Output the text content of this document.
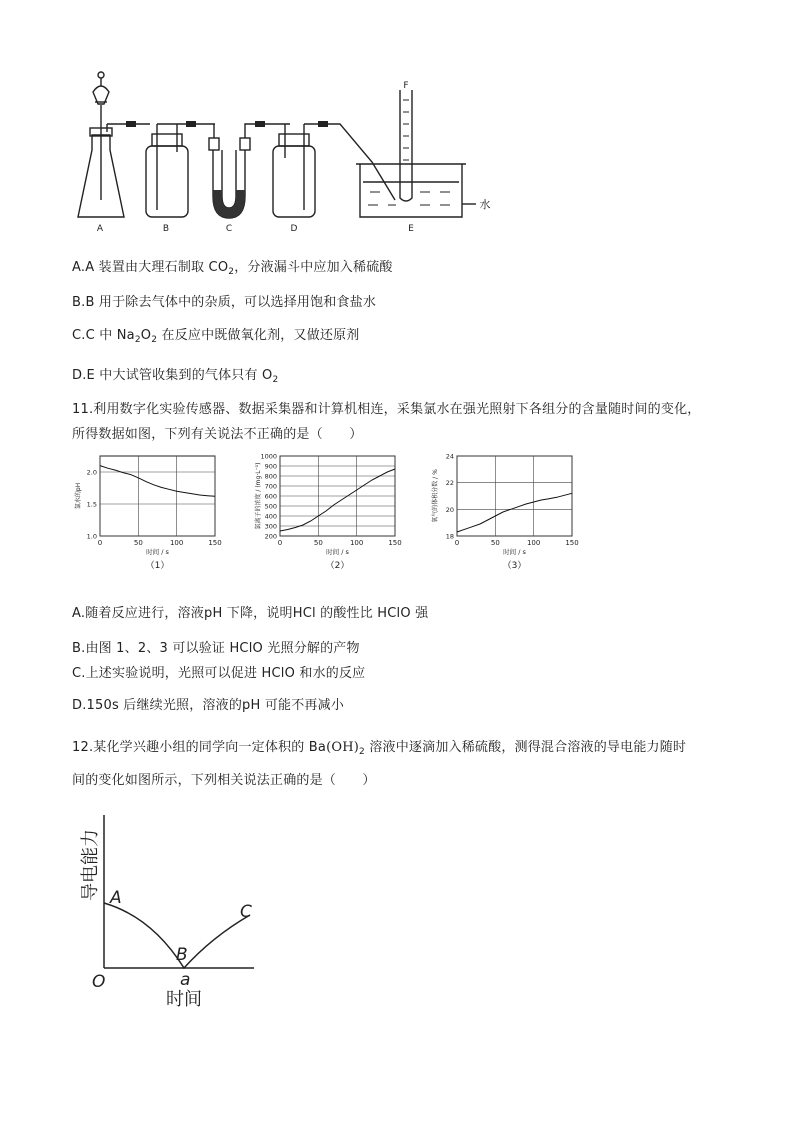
A	B	C	D	E
F
水
A.A 装置由大理石制取 $CO_2$，分液漏斗中应加入稀硫酸
B.B 用于除去气体中的杂质，可以选择用饱和食盐水
C.C 中 $Na_2O_2$ 在反应中既做氧化剂，又做还原剂
D.E 中大试管收集到的气体只有 $O_2$
11.利用数字化实验传感器、数据采集器和计算机相连，采集氯水在强光照射下各组分的含量随时间的变化，
所得数据如图，下列有关说法不正确的是（　　）
0	50	100	150
1.0
1.5
2.0
时间 / s
氯水的pH
（1）
0	50	100	150
200
300
400
500
600
700
800
900
1000
时间 / s
氯离子的浓度 / (mg·L⁻¹)
（2）
0	50	100	150
18
20
22
24
时间 / s
氧气的体积分数 / %
（3）
A.随着反应进行，溶液pH 下降，说明HCl 的酸性比 HClO 强
B.由图 1、2、3 可以验证 HClO 光照分解的产物
C.上述实验说明，光照可以促进 HClO 和水的反应
D.150s 后继续光照，溶液的pH 可能不再减小
12.某化学兴趣小组的同学向一定体积的 $Ba(OH)_2$ 溶液中逐滴加入稀硫酸，测得混合溶液的导电能力随时
间的变化如图所示，下列相关说法正确的是（　　）
导电能力
时间
A
B
C
O	a
